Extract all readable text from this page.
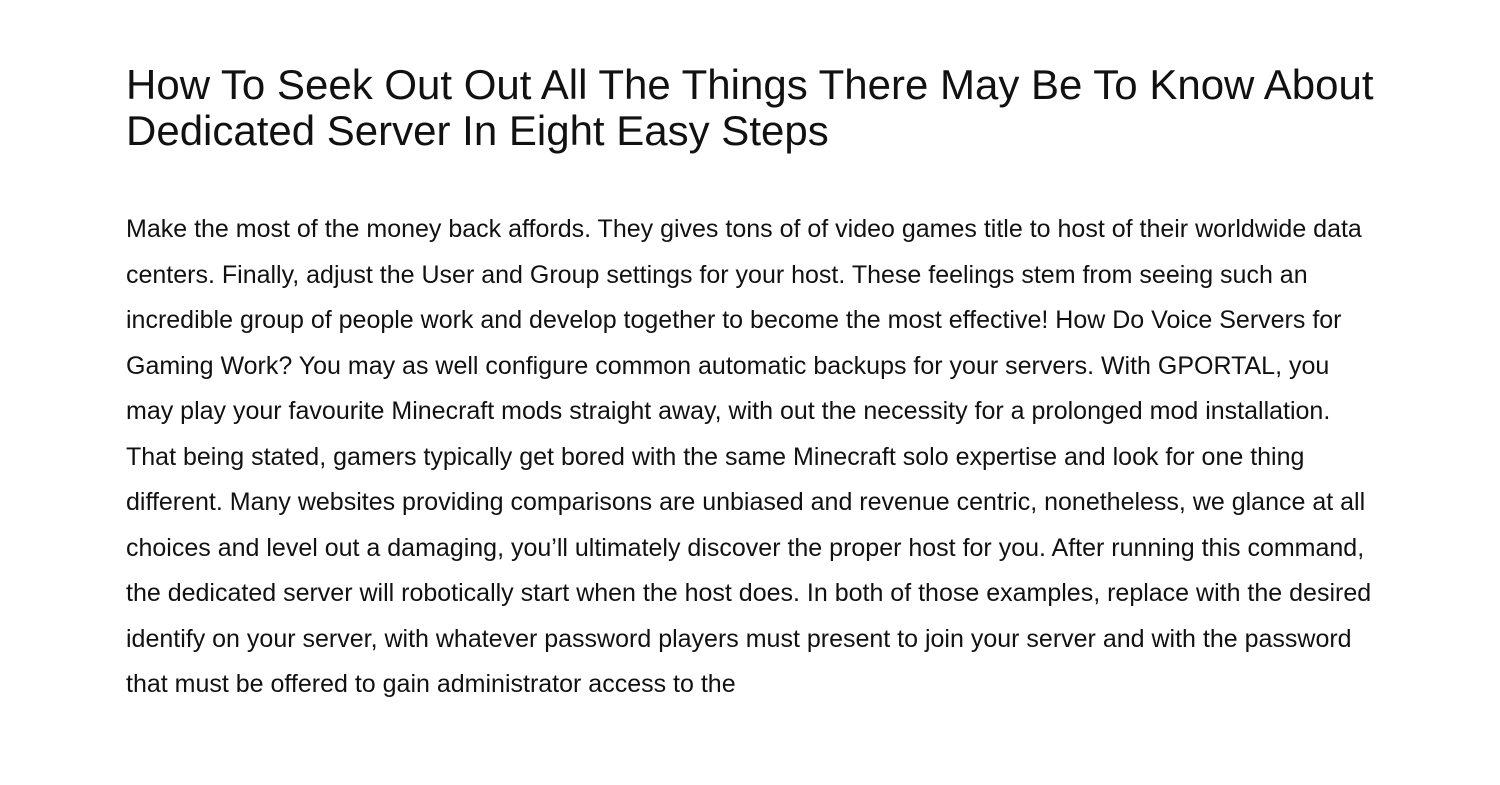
How To Seek Out Out All The Things There May Be To Know About Dedicated Server In Eight Easy Steps

Make the most of the money back affords. They gives tons of of video games title to host of their worldwide data centers. Finally, adjust the User and Group settings for your host. These feelings stem from seeing such an incredible group of people work and develop together to become the most effective! How Do Voice Servers for Gaming Work? You may as well configure common automatic backups for your servers. With GPORTAL, you may play your favourite Minecraft mods straight away, with out the necessity for a prolonged mod installation. That being stated, gamers typically get bored with the same Minecraft solo expertise and look for one thing different. Many websites providing comparisons are unbiased and revenue centric, nonetheless, we glance at all choices and level out a damaging, you’ll ultimately discover the proper host for you. After running this command, the dedicated server will robotically start when the host does. In both of those examples, replace with the desired identify on your server, with whatever password players must present to join your server and with the password that must be offered to gain administrator access to the
